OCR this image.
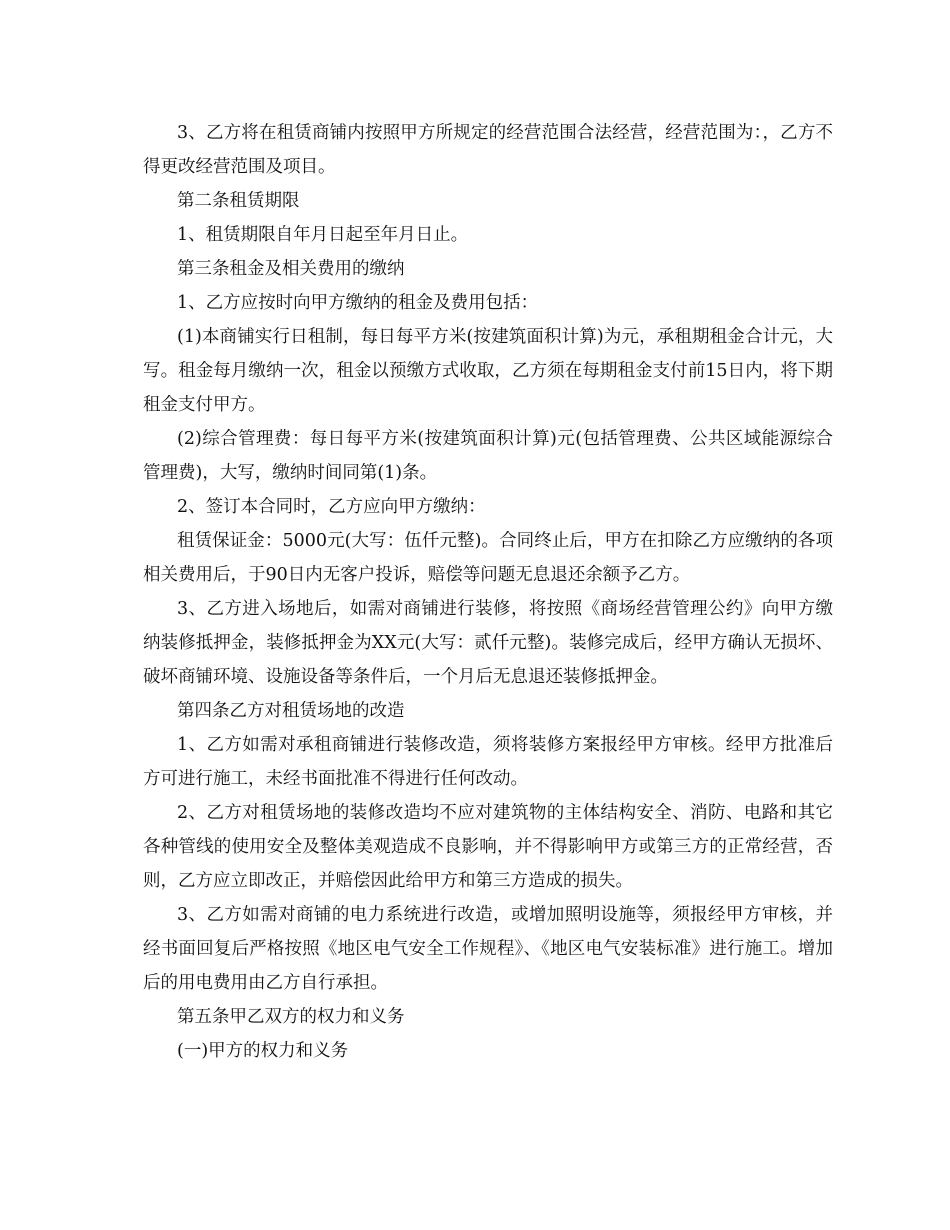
3、乙方将在租赁商铺内按照甲方所规定的经营范围合法经营，经营范围为：，乙方不得更改经营范围及项目。

第二条租赁期限

1、租赁期限自年月日起至年月日止。

第三条租金及相关费用的缴纳

1、乙方应按时向甲方缴纳的租金及费用包括：

(1)本商铺实行日租制，每日每平方米(按建筑面积计算)为元，承租期租金合计元，大写。租金每月缴纳一次，租金以预缴方式收取，乙方须在每期租金支付前15日内，将下期租金支付甲方。

(2)综合管理费：每日每平方米(按建筑面积计算)元(包括管理费、公共区域能源综合管理费)，大写，缴纳时间同第(1)条。

2、签订本合同时，乙方应向甲方缴纳：

租赁保证金：5000元(大写：伍仟元整)。合同终止后，甲方在扣除乙方应缴纳的各项相关费用后，于90日内无客户投诉，赔偿等问题无息退还余额予乙方。

3、乙方进入场地后，如需对商铺进行装修，将按照《商场经营管理公约》向甲方缴纳装修抵押金，装修抵押金为XX元(大写：贰仟元整)。装修完成后，经甲方确认无损坏、破坏商铺环境、设施设备等条件后，一个月后无息退还装修抵押金。

第四条乙方对租赁场地的改造

1、乙方如需对承租商铺进行装修改造，须将装修方案报经甲方审核。经甲方批准后方可进行施工，未经书面批准不得进行任何改动。

2、乙方对租赁场地的装修改造均不应对建筑物的主体结构安全、消防、电路和其它各种管线的使用安全及整体美观造成不良影响，并不得影响甲方或第三方的正常经营，否则，乙方应立即改正，并赔偿因此给甲方和第三方造成的损失。

3、乙方如需对商铺的电力系统进行改造，或增加照明设施等，须报经甲方审核，并经书面回复后严格按照《地区电气安全工作规程》、《地区电气安装标准》进行施工。增加后的用电费用由乙方自行承担。

第五条甲乙双方的权力和义务

(一)甲方的权力和义务
